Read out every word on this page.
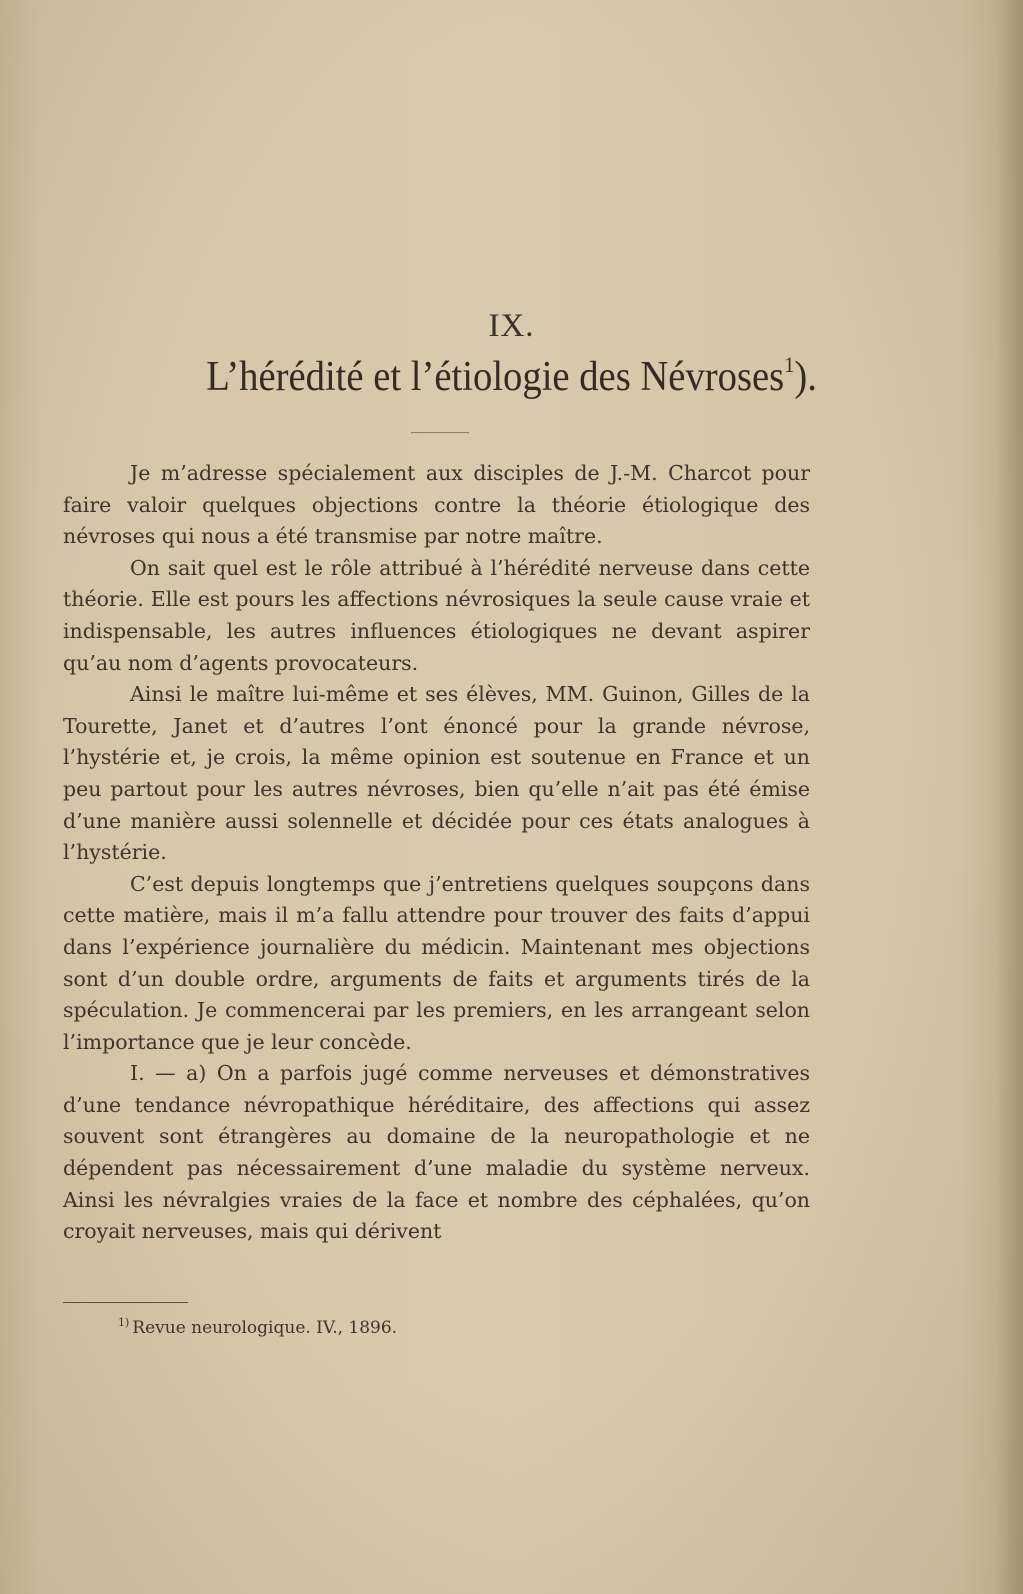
IX.
L’hérédité et l’étiologie des Névroses$^1$).

Je m’adresse spécialement aux disciples de J.-M. Charcot pour faire valoir quelques objections contre la théorie étiologique des névroses qui nous a été transmise par notre maître.

On sait quel est le rôle attribué à l’hérédité nerveuse dans cette théorie. Elle est pours les affections névrosiques la seule cause vraie et indispensable, les autres influences étiologiques ne devant aspirer qu’au nom d’agents provocateurs.

Ainsi le maître lui-même et ses élèves, MM. Guinon, Gilles de la Tourette, Janet et d’autres l’ont énoncé pour la grande névrose, l’hystérie et, je crois, la même opinion est soutenue en France et un peu partout pour les autres névroses, bien qu’elle n’ait pas été émise d’une manière aussi solennelle et décidée pour ces états analogues à l’hystérie.

C’est depuis longtemps que j’entretiens quelques soupçons dans cette matière, mais il m’a fallu attendre pour trouver des faits d’appui dans l’expérience journalière du médicin. Maintenant mes objections sont d’un double ordre, arguments de faits et arguments tirés de la spéculation. Je commencerai par les premiers, en les arrangeant selon l’importance que je leur concède.

I. — a) On a parfois jugé comme nerveuses et démonstratives d’une tendance névropathique héréditaire, des affections qui assez souvent sont étrangères au domaine de la neuropathologie et ne dépendent pas nécessairement d’une maladie du système nerveux. Ainsi les névralgies vraies de la face et nombre des céphalées, qu’on croyait nerveuses, mais qui dérivent

$^{1)}$ Revue neurologique. IV., 1896.
